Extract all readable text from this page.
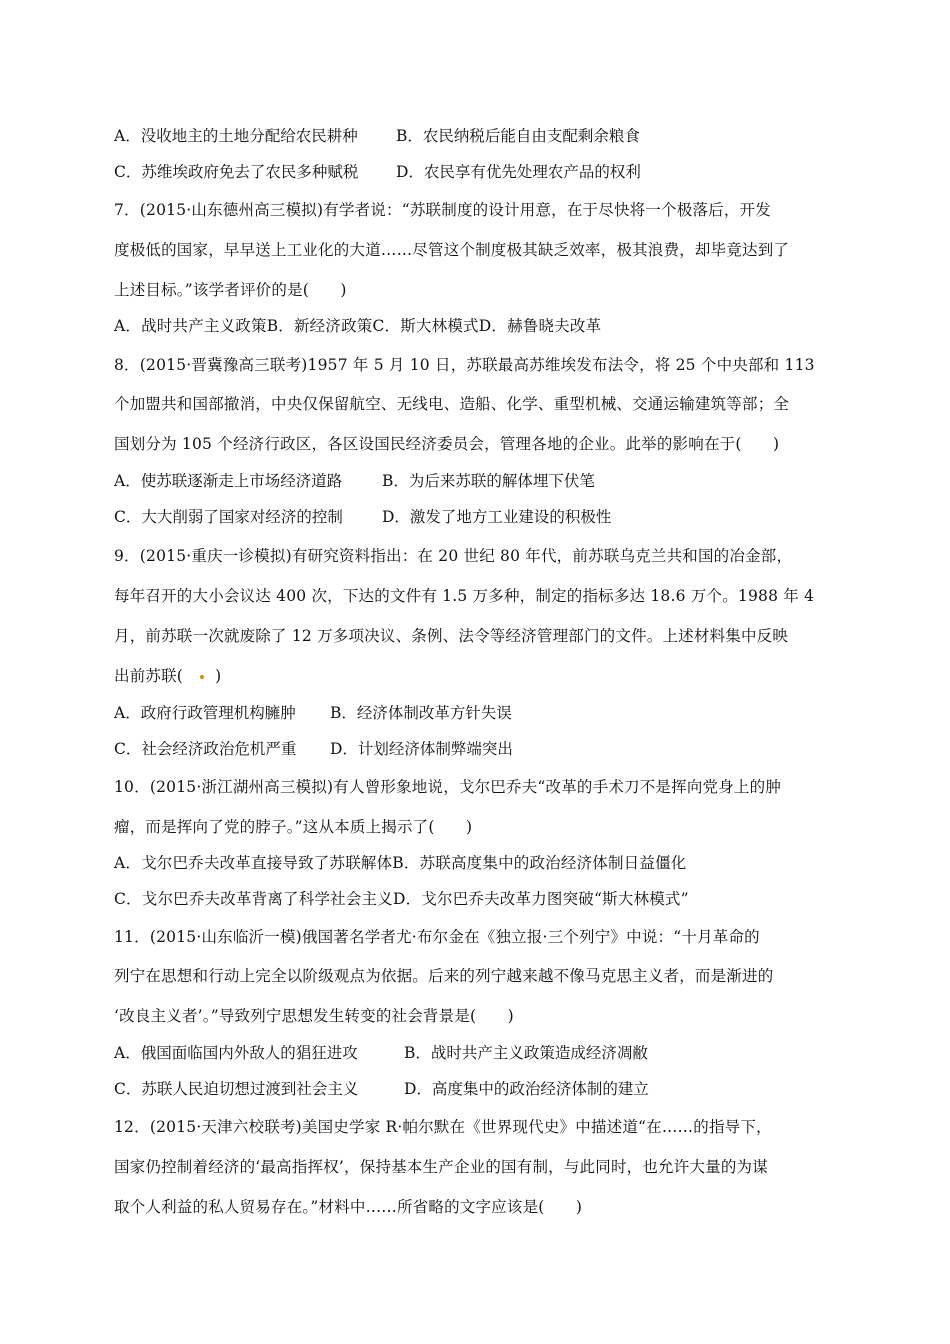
A．没收地主的土地分配给农民耕种 B．农民纳税后能自由支配剩余粮食
C．苏维埃政府免去了农民多种赋税 D．农民享有优先处理农产品的权利
7．(2015·山东德州高三模拟)有学者说：“苏联制度的设计用意，在于尽快将一个极落后，开发
度极低的国家，早早送上工业化的大道……尽管这个制度极其缺乏效率，极其浪费，却毕竟达到了
上述目标。”该学者评价的是(　　)
A．战时共产主义政策B．新经济政策C．斯大林模式D．赫鲁晓夫改革
8．(2015·晋冀豫高三联考)1957 年 5 月 10 日，苏联最高苏维埃发布法令，将 25 个中央部和 113
个加盟共和国部撤消，中央仅保留航空、无线电、造船、化学、重型机械、交通运输建筑等部；全
国划分为 105 个经济行政区，各区设国民经济委员会，管理各地的企业。此举的影响在于(　　)
A．使苏联逐渐走上市场经济道路	B．为后来苏联的解体埋下伏笔
C．大大削弱了国家对经济的控制	D．激发了地方工业建设的积极性
9．(2015·重庆一诊模拟)有研究资料指出：在 20 世纪 80 年代，前苏联乌克兰共和国的冶金部，
每年召开的大小会议达 400 次，下达的文件有 1.5 万多种，制定的指标多达 18.6 万个。1988 年 4
月，前苏联一次就废除了 12 万多项决议、条例、法令等经济管理部门的文件。上述材料集中反映
出前苏联( )
A．政府行政管理机构臃肿 B．经济体制改革方针失误
C．社会经济政治危机严重 D．计划经济体制弊端突出
10．(2015·浙江湖州高三模拟)有人曾形象地说，戈尔巴乔夫“改革的手术刀不是挥向党身上的肿
瘤，而是挥向了党的脖子。”这从本质上揭示了(　　)
A．戈尔巴乔夫改革直接导致了苏联解体B．苏联高度集中的政治经济体制日益僵化
C．戈尔巴乔夫改革背离了科学社会主义D．戈尔巴乔夫改革力图突破“斯大林模式”
11．(2015·山东临沂一模)俄国著名学者尤·布尔金在《独立报·三个列宁》中说：“十月革命的
列宁在思想和行动上完全以阶级观点为依据。后来的列宁越来越不像马克思主义者，而是渐进的
‘改良主义者’。”导致列宁思想发生转变的社会背景是(　　)
A．俄国面临国内外敌人的猖狂进攻	B．战时共产主义政策造成经济凋敝
C．苏联人民迫切想过渡到社会主义	D．高度集中的政治经济体制的建立
12．(2015·天津六校联考)美国史学家 R·帕尔默在《世界现代史》中描述道“在……的指导下，
国家仍控制着经济的‘最高指挥权’，保持基本生产企业的国有制，与此同时，也允许大量的为谋
取个人利益的私人贸易存在。”材料中……所省略的文字应该是(　　)
